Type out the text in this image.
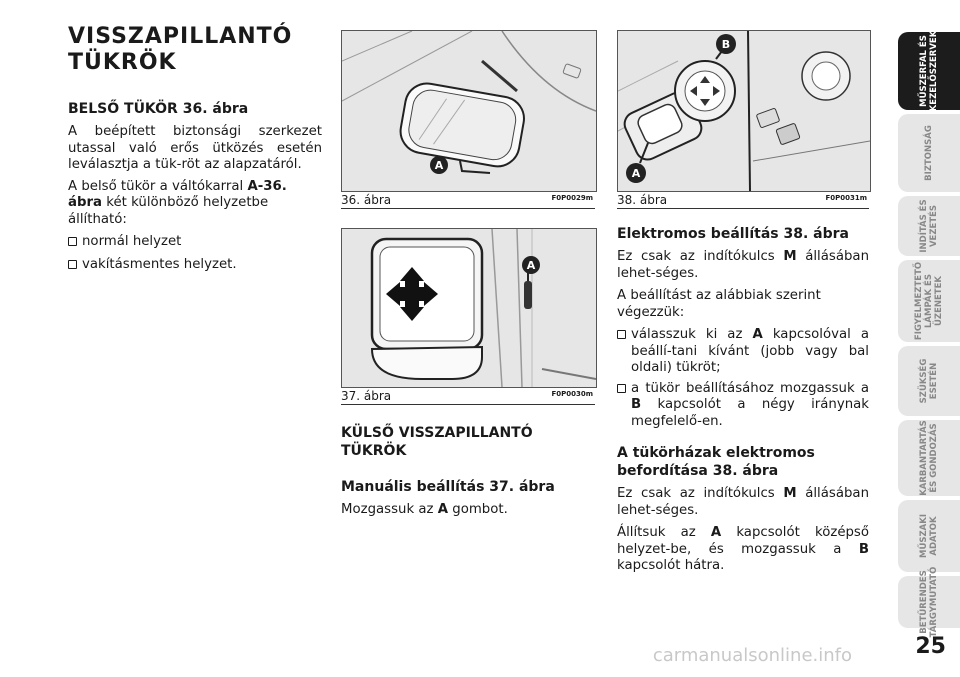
VISSZAPILLANTÓ
TÜKRÖK
BELSŐ TÜKÖR 36. ábra
A beépített biztonsági szerkezet utassal való erős ütközés esetén leválasztja a tük-röt az alapzatáról.
A belső tükör a váltókarral A-36. ábra két különböző helyzetbe állítható:
normál helyzet
vakításmentes helyzet.
A
36. ábra	F0P0029m
A
37. ábra	F0P0030m
KÜLSŐ VISSZAPILLANTÓ
TÜKRÖK
Manuális beállítás 37. ábra
Mozgassuk az A gombot.
B
A
38. ábra	F0P0031m
Elektromos beállítás 38. ábra
Ez csak az indítókulcs M állásában lehet-séges.
A beállítást az alábbiak szerint végezzük:
válasszuk ki az A kapcsolóval a beállí-tani kívánt (jobb vagy bal oldali) tükröt;
a tükör beállításához mozgassuk a B kapcsolót a négy iránynak megfelelő-en.
A tükörházak elektromos
befordítása 38. ábra
Ez csak az indítókulcs M állásában lehet-séges.
Állítsuk az A kapcsolót középső helyzet-be, és mozgassuk a B kapcsolót hátra.
MŰSZERFAL ÉS
KEZELŐSZERVEK
BIZTONSÁG
INDÍTÁS ÉS
VEZETÉS
FIGYELMEZTETŐ
LÁMPÁK ÉS
ÜZENETEK
SZÜKSÉG
ESETÉN
KARBANTARTÁS
ÉS GONDOZÁS
MŰSZAKI
ADATOK
BETŰRENDES
TÁRGYMUTATÓ
25
carmanualsonline.info
